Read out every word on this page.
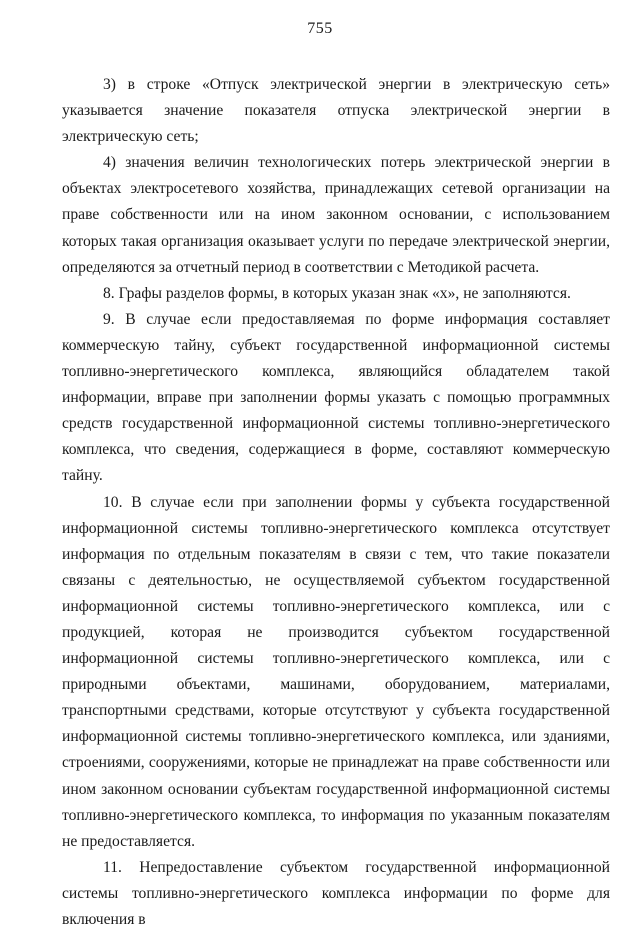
755

3) в строке «Отпуск электрической энергии в электрическую сеть» указывается значение показателя отпуска электрической энергии в электрическую сеть;

4) значения величин технологических потерь электрической энергии в объектах электросетевого хозяйства, принадлежащих сетевой организации на праве собственности или на ином законном основании, с использованием которых такая организация оказывает услуги по передаче электрической энергии, определяются за отчетный период в соответствии с Методикой расчета.

8. Графы разделов формы, в которых указан знак «х», не заполняются.

9. В случае если предоставляемая по форме информация составляет коммерческую тайну, субъект государственной информационной системы топливно-энергетического комплекса, являющийся обладателем такой информации, вправе при заполнении формы указать с помощью программных средств государственной информационной системы топливно-энергетического комплекса, что сведения, содержащиеся в форме, составляют коммерческую тайну.

10. В случае если при заполнении формы у субъекта государственной информационной системы топливно-энергетического комплекса отсутствует информация по отдельным показателям в связи с тем, что такие показатели связаны с деятельностью, не осуществляемой субъектом государственной информационной системы топливно-энергетического комплекса, или с продукцией, которая не производится субъектом государственной информационной системы топливно-энергетического комплекса, или с природными объектами, машинами, оборудованием, материалами, транспортными средствами, которые отсутствуют у субъекта государственной информационной системы топливно-энергетического комплекса, или зданиями, строениями, сооружениями, которые не принадлежат на праве собственности или ином законном основании субъектам государственной информационной системы топливно-энергетического комплекса, то информация по указанным показателям не предоставляется.

11. Непредоставление субъектом государственной информационной системы топливно-энергетического комплекса информации по форме для включения в
